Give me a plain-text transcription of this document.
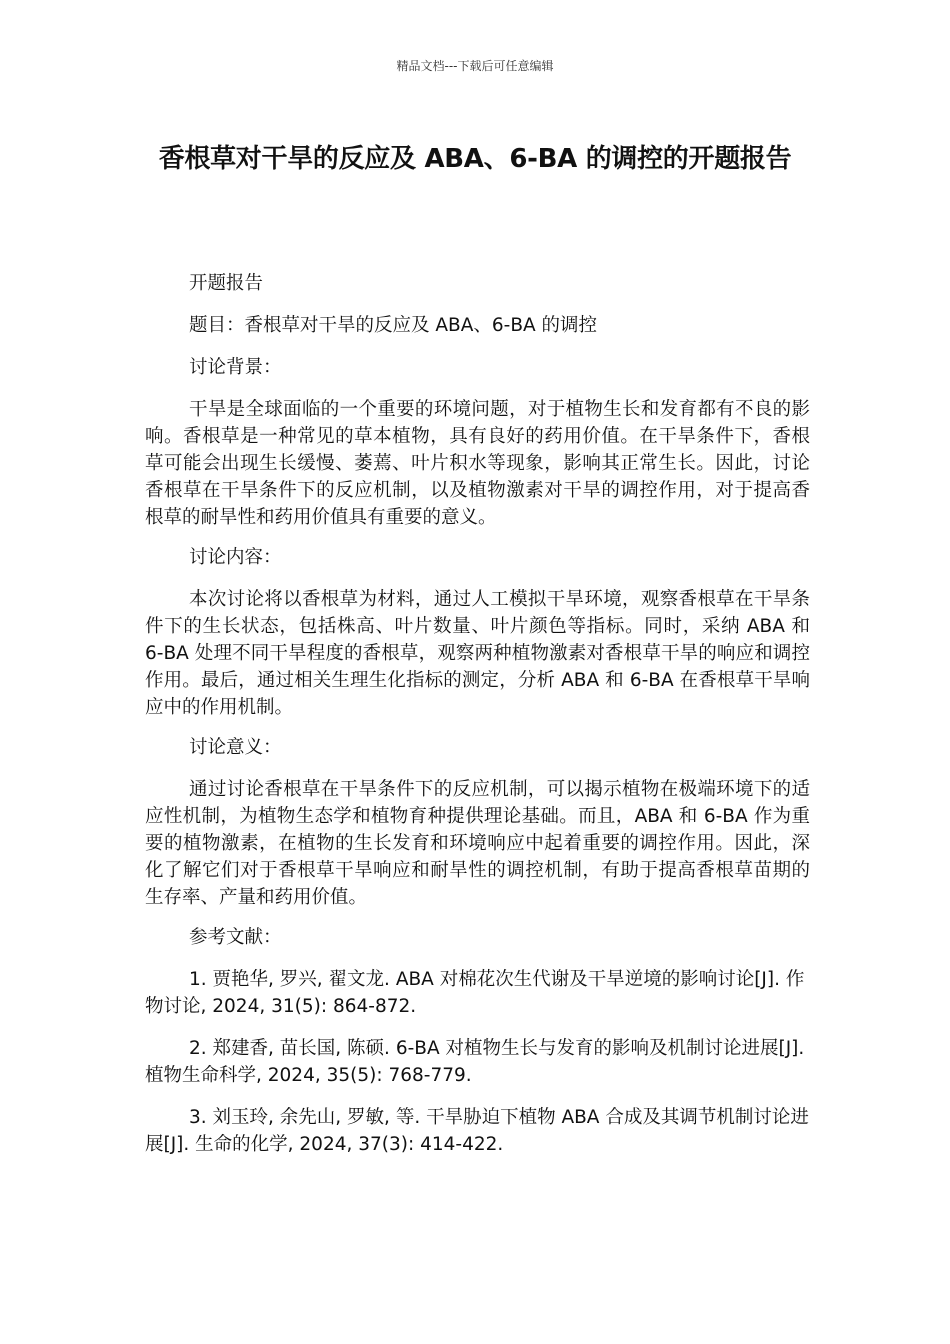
精品文档---下载后可任意编辑
香根草对干旱的反应及 ABA、6-BA 的调控的开题报告

开题报告

题目：香根草对干旱的反应及 ABA、6-BA 的调控

讨论背景：

干旱是全球面临的一个重要的环境问题，对于植物生长和发育都有不良的影响。香根草是一种常见的草本植物，具有良好的药用价值。在干旱条件下，香根草可能会出现生长缓慢、萎蔫、叶片积水等现象，影响其正常生长。因此，讨论香根草在干旱条件下的反应机制，以及植物激素对干旱的调控作用，对于提高香根草的耐旱性和药用价值具有重要的意义。

讨论内容：

本次讨论将以香根草为材料，通过人工模拟干旱环境，观察香根草在干旱条件下的生长状态，包括株高、叶片数量、叶片颜色等指标。同时，采纳 ABA 和 6-BA 处理不同干旱程度的香根草，观察两种植物激素对香根草干旱的响应和调控作用。最后，通过相关生理生化指标的测定，分析 ABA 和 6-BA 在香根草干旱响应中的作用机制。

讨论意义：

通过讨论香根草在干旱条件下的反应机制，可以揭示植物在极端环境下的适应性机制，为植物生态学和植物育种提供理论基础。而且，ABA 和 6-BA 作为重要的植物激素，在植物的生长发育和环境响应中起着重要的调控作用。因此，深化了解它们对于香根草干旱响应和耐旱性的调控机制，有助于提高香根草苗期的生存率、产量和药用价值。

参考文献：

1. 贾艳华, 罗兴, 翟文龙. ABA 对棉花次生代谢及干旱逆境的影响讨论[J]. 作物讨论, 2024, 31(5): 864-872.
2. 郑建香, 苗长国, 陈硕. 6-BA 对植物生长与发育的影响及机制讨论进展[J]. 植物生命科学, 2024, 35(5): 768-779.
3. 刘玉玲, 余先山, 罗敏, 等. 干旱胁迫下植物 ABA 合成及其调节机制讨论进展[J]. 生命的化学, 2024, 37(3): 414-422.
